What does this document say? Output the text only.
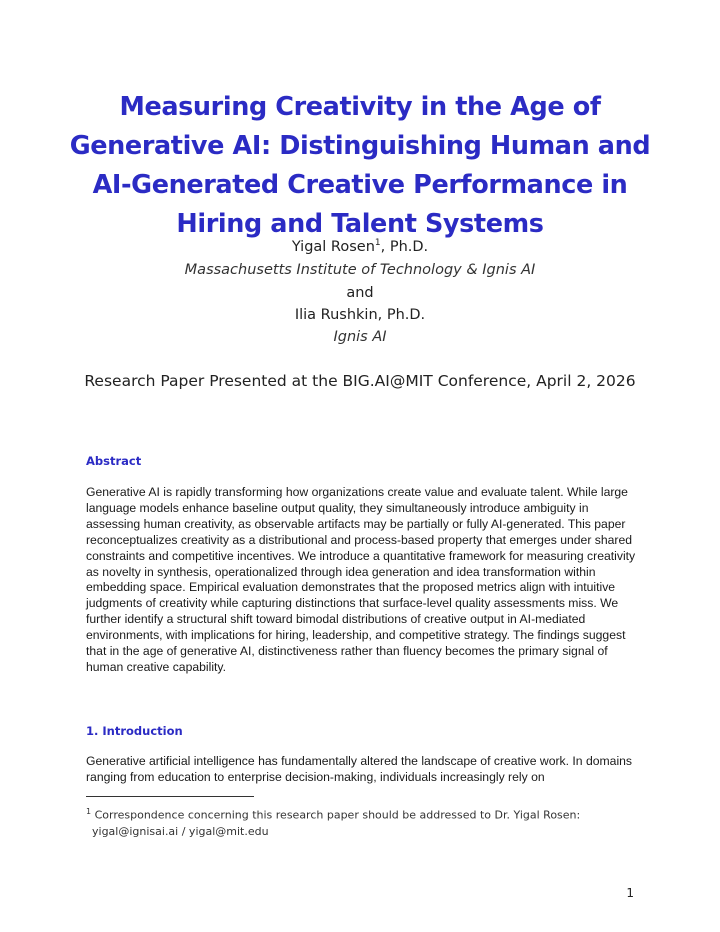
Measuring Creativity in the Age of Generative AI: Distinguishing Human and AI-Generated Creative Performance in Hiring and Talent Systems
Yigal Rosen$^1$, Ph.D.
Massachusetts Institute of Technology & Ignis AI
and
Ilia Rushkin, Ph.D.
Ignis AI
Research Paper Presented at the BIG.AI@MIT Conference, April 2, 2026
Abstract

Generative AI is rapidly transforming how organizations create value and evaluate talent. While large language models enhance baseline output quality, they simultaneously introduce ambiguity in assessing human creativity, as observable artifacts may be partially or fully AI-generated. This paper reconceptualizes creativity as a distributional and process-based property that emerges under shared constraints and competitive incentives. We introduce a quantitative framework for measuring creativity as novelty in synthesis, operationalized through idea generation and idea transformation within embedding space. Empirical evaluation demonstrates that the proposed metrics align with intuitive judgments of creativity while capturing distinctions that surface-level quality assessments miss. We further identify a structural shift toward bimodal distributions of creative output in AI-mediated environments, with implications for hiring, leadership, and competitive strategy. The findings suggest that in the age of generative AI, distinctiveness rather than fluency becomes the primary signal of human creative capability.

1. Introduction

Generative artificial intelligence has fundamentally altered the landscape of creative work. In domains ranging from education to enterprise decision-making, individuals increasingly rely on

$^1$ Correspondence concerning this research paper should be addressed to Dr. Yigal Rosen:
yigal@ignisai.ai / yigal@mit.edu

1
